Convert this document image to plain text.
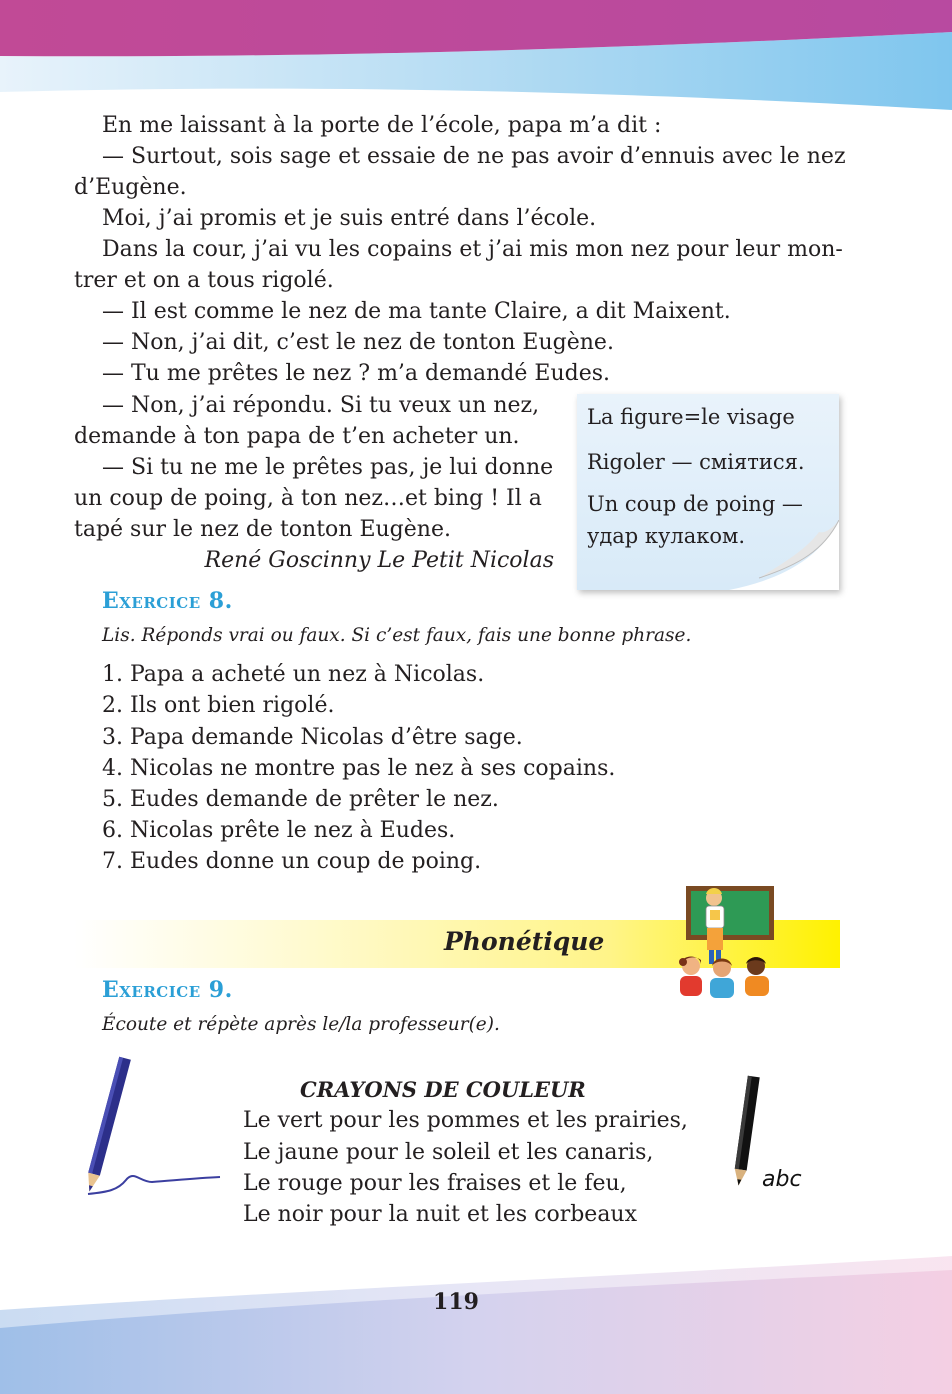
En me laissant à la porte de l’école, papa m’a dit :
— Surtout, sois sage et essaie de ne pas avoir d’ennuis avec le nez
d’Eugène.
Moi, j’ai promis et je suis entré dans l’école.
Dans la cour, j’ai vu les copains et j’ai mis mon nez pour leur mon-
trer et on a tous rigolé.
— Il est comme le nez de ma tante Claire, a dit Maixent.
— Non, j’ai dit, c’est le nez de tonton Eugène.
— Tu me prêtes le nez ? m’a demandé Eudes.
— Non, j’ai répondu. Si tu veux un nez,
demande à ton papa de t’en acheter un.
— Si tu ne me le prêtes pas, je lui donne
un coup de poing, à ton nez…et bing ! Il a
tapé sur le nez de tonton Eugène.
René Goscinny Le Petit Nicolas
La figure=le visage
Rigoler — сміятися.
Un coup de poing —
удар кулаком.
Exercice 8.
Lis. Réponds vrai ou faux. Si c’est faux, fais une bonne phrase.
1. Papa a acheté un nez à Nicolas.
2. Ils ont bien rigolé.
3. Papa demande Nicolas d’être sage.
4. Nicolas ne montre pas le nez à ses copains.
5. Eudes demande de prêter le nez.
6. Nicolas prête le nez à Eudes.
7. Eudes donne un coup de poing.
Phonétique
Exercice 9.
Écoute et répète après le/la professeur(e).
CRAYONS DE COULEUR
Le vert pour les pommes et les prairies,
Le jaune pour le soleil et les canaris,
Le rouge pour les fraises et le feu,
Le noir pour la nuit et les corbeaux
abc
119
